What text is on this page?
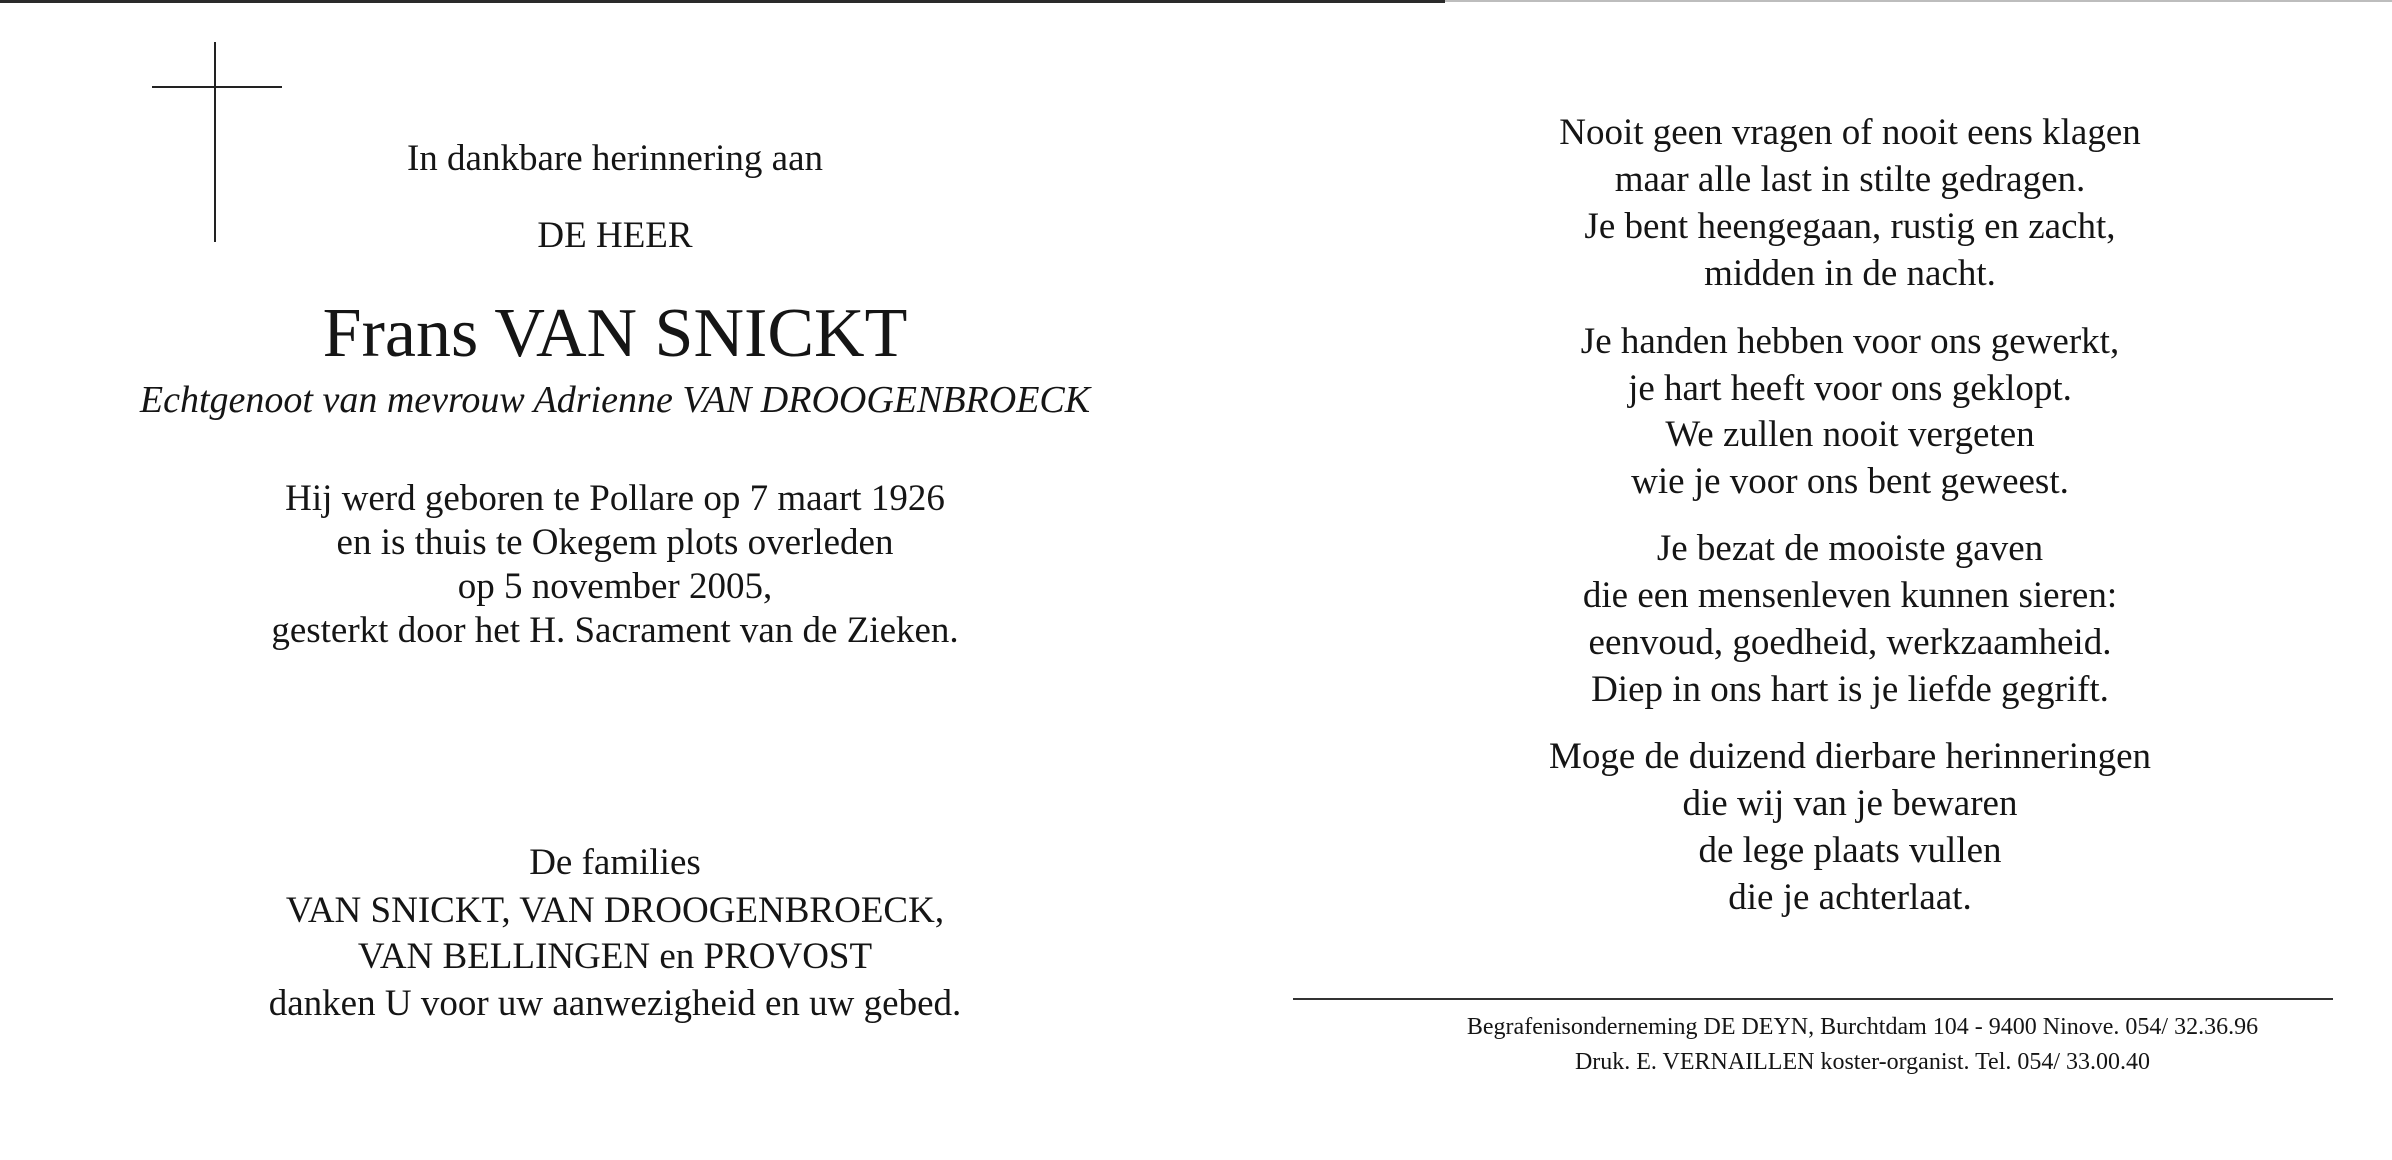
In dankbare herinnering aan
DE HEER
Frans VAN SNICKT
Echtgenoot van mevrouw Adrienne VAN DROOGENBROECK
Hij werd geboren te Pollare op 7 maart 1926
en is thuis te Okegem plots overleden
op 5 november 2005,
gesterkt door het H. Sacrament van de Zieken.
De families
VAN SNICKT, VAN DROOGENBROECK,
VAN BELLINGEN en PROVOST
danken U voor uw aanwezigheid en uw gebed.
Nooit geen vragen of nooit eens klagen
maar alle last in stilte gedragen.
Je bent heengegaan, rustig en zacht,
midden in de nacht.
Je handen hebben voor ons gewerkt,
je hart heeft voor ons geklopt.
We zullen nooit vergeten
wie je voor ons bent geweest.
Je bezat de mooiste gaven
die een mensenleven kunnen sieren:
eenvoud, goedheid, werkzaamheid.
Diep in ons hart is je liefde gegrift.
Moge de duizend dierbare herinneringen
die wij van je bewaren
de lege plaats vullen
die je achterlaat.
Begrafenisonderneming DE DEYN, Burchtdam 104 - 9400 Ninove. 054/ 32.36.96
Druk. E. VERNAILLEN koster-organist. Tel. 054/ 33.00.40
